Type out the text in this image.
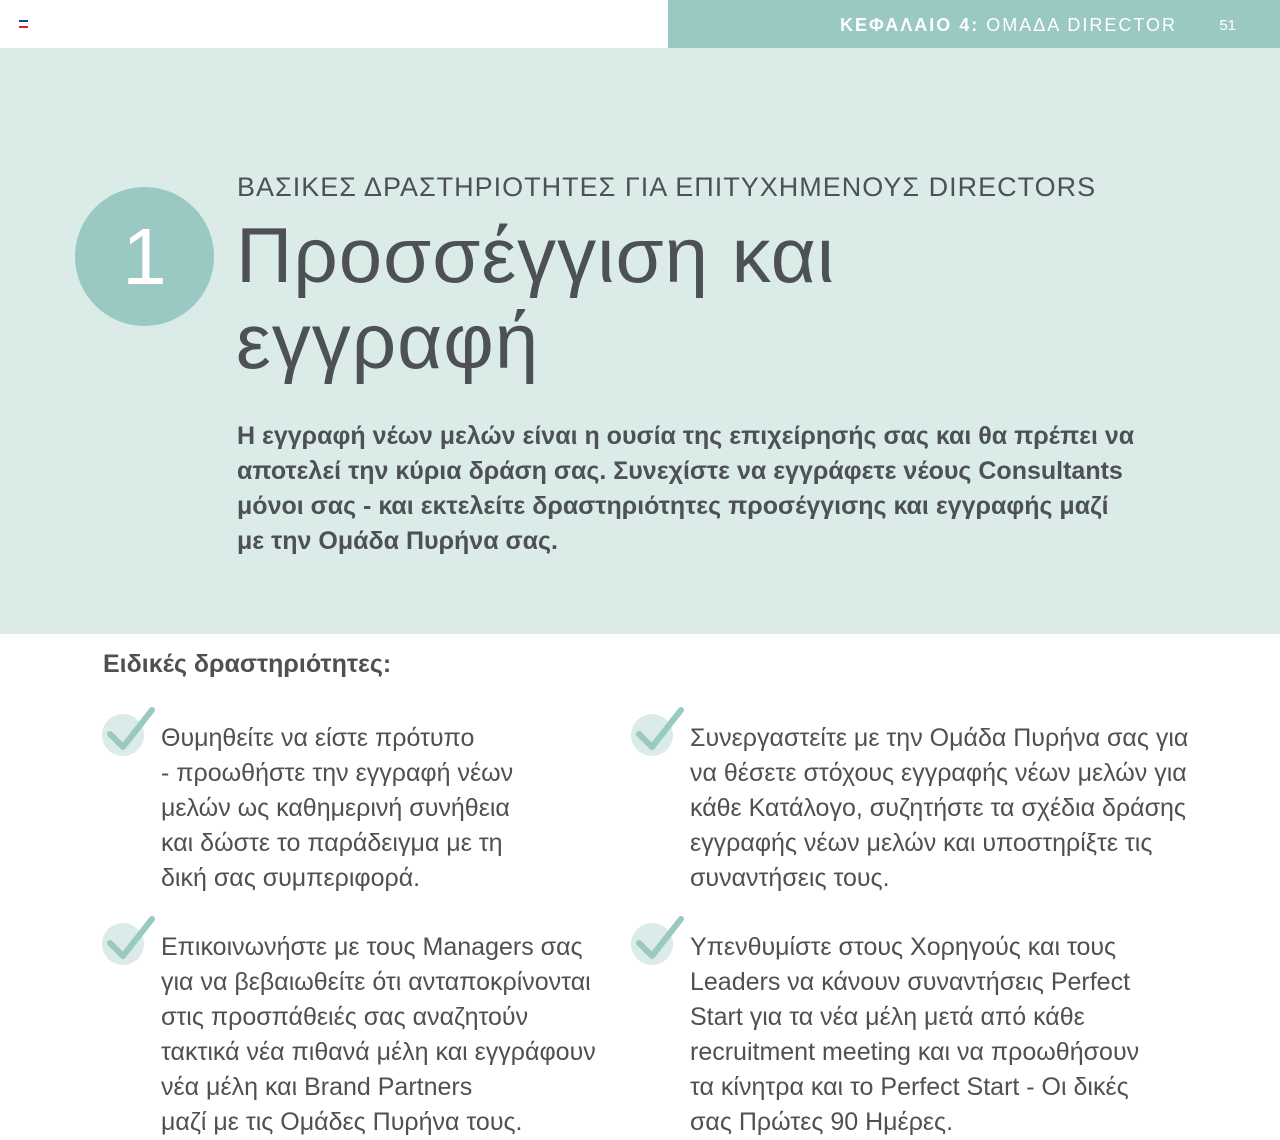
ΚΕΦΑΛΑΙΟ 4: ΟΜΑΔΑ DIRECTOR	51
1
ΒΑΣΙΚΕΣ ΔΡΑΣΤΗΡΙΟΤΗΤΕΣ ΓΙΑ ΕΠΙΤΥΧΗΜΕΝΟΥΣ DIRECTORS
Προσσέγγιση και
εγγραφή

Η εγγραφή νέων μελών είναι η ουσία της επιχείρησής σας και θα πρέπει να
αποτελεί την κύρια δράση σας. Συνεχίστε να εγγράφετε νέους Consultants
μόνοι σας - και εκτελείτε δραστηριότητες προσέγγισης και εγγραφής μαζί
με την Ομάδα Πυρήνα σας.

Ειδικές δραστηριότητες:

Θυμηθείτε να είστε πρότυπο
- προωθήστε την εγγραφή νέων
μελών ως καθημερινή συνήθεια
και δώστε το παράδειγμα με τη
δική σας συμπεριφορά.

Συνεργαστείτε με την Ομάδα Πυρήνα σας για
να θέσετε στόχους εγγραφής νέων μελών για
κάθε Κατάλογο, συζητήστε τα σχέδια δράσης
εγγραφής νέων μελών και υποστηρίξτε τις
συναντήσεις τους.

Επικοινωνήστε με τους Managers σας
για να βεβαιωθείτε ότι ανταποκρίνονται
στις προσπάθειές σας αναζητούν
τακτικά νέα πιθανά μέλη και εγγράφουν
νέα μέλη και Brand Partners
μαζί με τις Ομάδες Πυρήνα τους.

Υπενθυμίστε στους Χορηγούς και τους
Leaders να κάνουν συναντήσεις Perfect
Start για τα νέα μέλη μετά από κάθε
recruitment meeting και να προωθήσουν
τα κίνητρα και το Perfect Start - Οι δικές
σας Πρώτες 90 Ημέρες.
